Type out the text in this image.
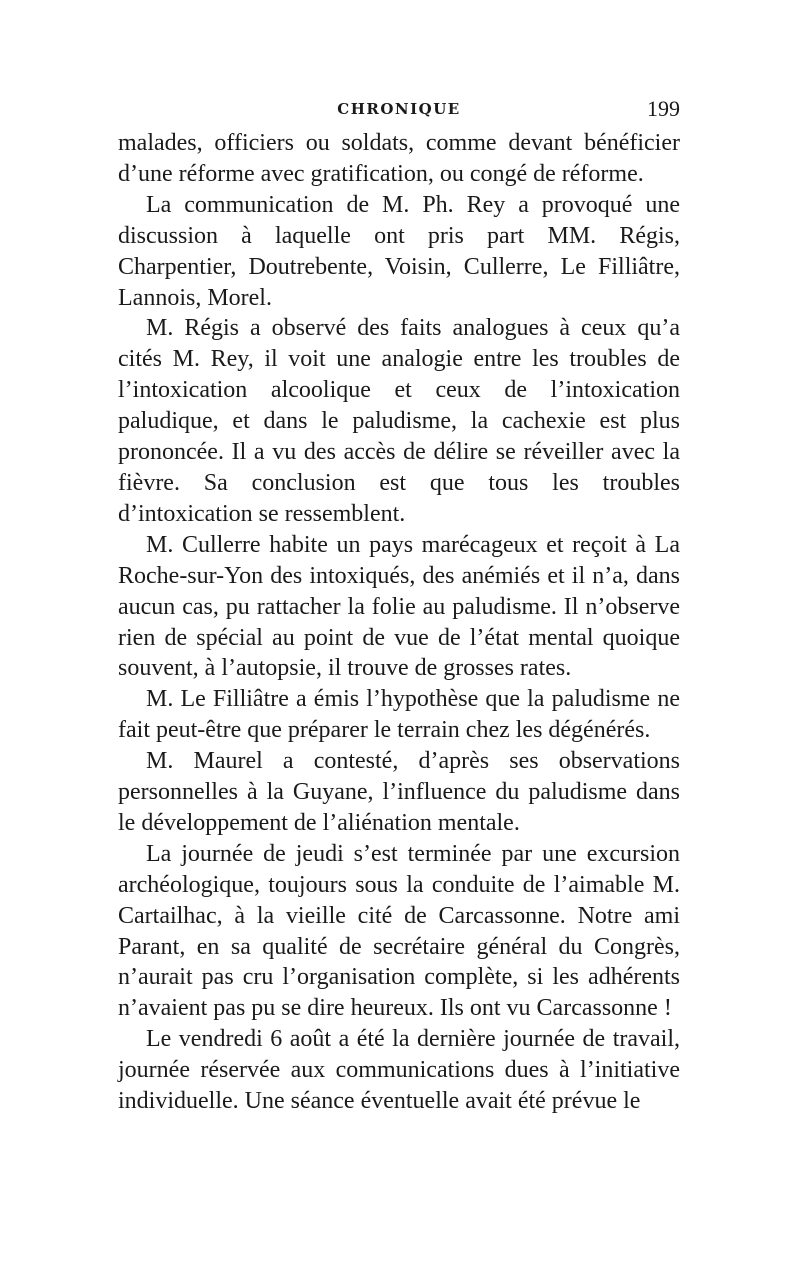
CHRONIQUE	199

malades, officiers ou soldats, comme devant bénéficier d’une réforme avec gratification, ou congé de réforme.

La communication de M. Ph. Rey a provoqué une discussion à laquelle ont pris part MM. Régis, Charpentier, Doutrebente, Voisin, Cullerre, Le Filliâtre, Lannois, Morel.

M. Régis a observé des faits analogues à ceux qu’a cités M. Rey, il voit une analogie entre les troubles de l’intoxication alcoolique et ceux de l’intoxication paludique, et dans le paludisme, la cachexie est plus prononcée. Il a vu des accès de délire se réveiller avec la fièvre. Sa conclusion est que tous les troubles d’intoxication se ressemblent.

M. Cullerre habite un pays marécageux et reçoit à La Roche-sur-Yon des intoxiqués, des anémiés et il n’a, dans aucun cas, pu rattacher la folie au paludisme. Il n’observe rien de spécial au point de vue de l’état mental quoique souvent, à l’autopsie, il trouve de grosses rates.

M. Le Filliâtre a émis l’hypothèse que la paludisme ne fait peut-être que préparer le terrain chez les dégénérés.

M. Maurel a contesté, d’après ses observations personnelles à la Guyane, l’influence du paludisme dans le développement de l’aliénation mentale.

La journée de jeudi s’est terminée par une excursion archéologique, toujours sous la conduite de l’aimable M. Cartailhac, à la vieille cité de Carcassonne. Notre ami Parant, en sa qualité de secrétaire général du Congrès, n’aurait pas cru l’organisation complète, si les adhérents n’avaient pas pu se dire heureux. Ils ont vu Carcassonne !

Le vendredi 6 août a été la dernière journée de travail, journée réservée aux communications dues à l’initiative individuelle. Une séance éventuelle avait été prévue le
